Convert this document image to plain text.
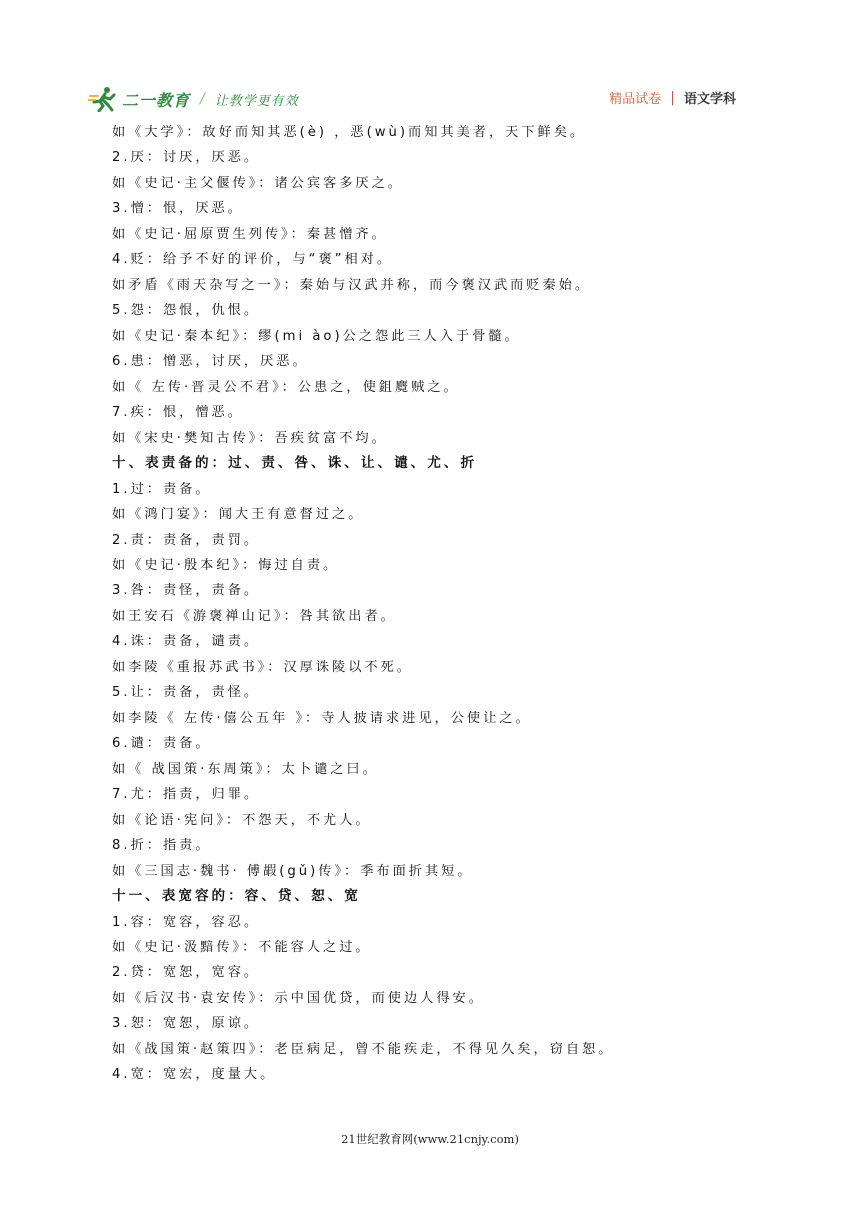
二一教育 / 让教学更有效	精品试卷 | 语文学科
如《大学》：故好而知其恶(è) ，恶(wù)而知其美者，天下鲜矣。
2.厌：讨厌，厌恶。
如《史记·主父偃传》：诸公宾客多厌之。
3.憎：恨，厌恶。
如《史记·屈原贾生列传》：秦甚憎齐。
4.贬：给予不好的评价，与“褒”相对。
如矛盾《雨天杂写之一》：秦始与汉武并称，而今褒汉武而贬秦始。
5.怨：怨恨，仇恨。
如《史记·秦本纪》：缪(mi ào)公之怨此三人入于骨髓。
6.患：憎恶，讨厌，厌恶。
如《 左传·晋灵公不君》：公患之，使鉏麑贼之。
7.疾：恨，憎恶。
如《宋史·樊知古传》：吾疾贫富不均。
十、表责备的：过、责、咎、诛、让、谴、尤、折
1.过：责备。
如《鸿门宴》：闻大王有意督过之。
2.责：责备，责罚。
如《史记·殷本纪》：悔过自责。
3.咎：责怪，责备。
如王安石《游褒禅山记》：咎其欲出者。
4.诛：责备，谴责。
如李陵《重报苏武书》：汉厚诛陵以不死。
5.让：责备，责怪。
如李陵《 左传·僖公五年 》：寺人披请求进见，公使让之。
6.谴：责备。
如《 战国策·东周策》：太卜谴之曰。
7.尤：指责，归罪。
如《论语·宪问》：不怨天，不尤人。
8.折：指责。
如《三国志·魏书· 傅嘏(gǔ)传》：季布面折其短。
十一、表宽容的：容、贷、恕、宽
1.容：宽容，容忍。
如《史记·汲黯传》：不能容人之过。
2.贷：宽恕，宽容。
如《后汉书·袁安传》：示中国优贷，而使边人得安。
3.恕：宽恕，原谅。
如《战国策·赵策四》：老臣病足，曾不能疾走，不得见久矣，窃自恕。
4.宽：宽宏，度量大。
21世纪教育网(www.21cnjy.com)
